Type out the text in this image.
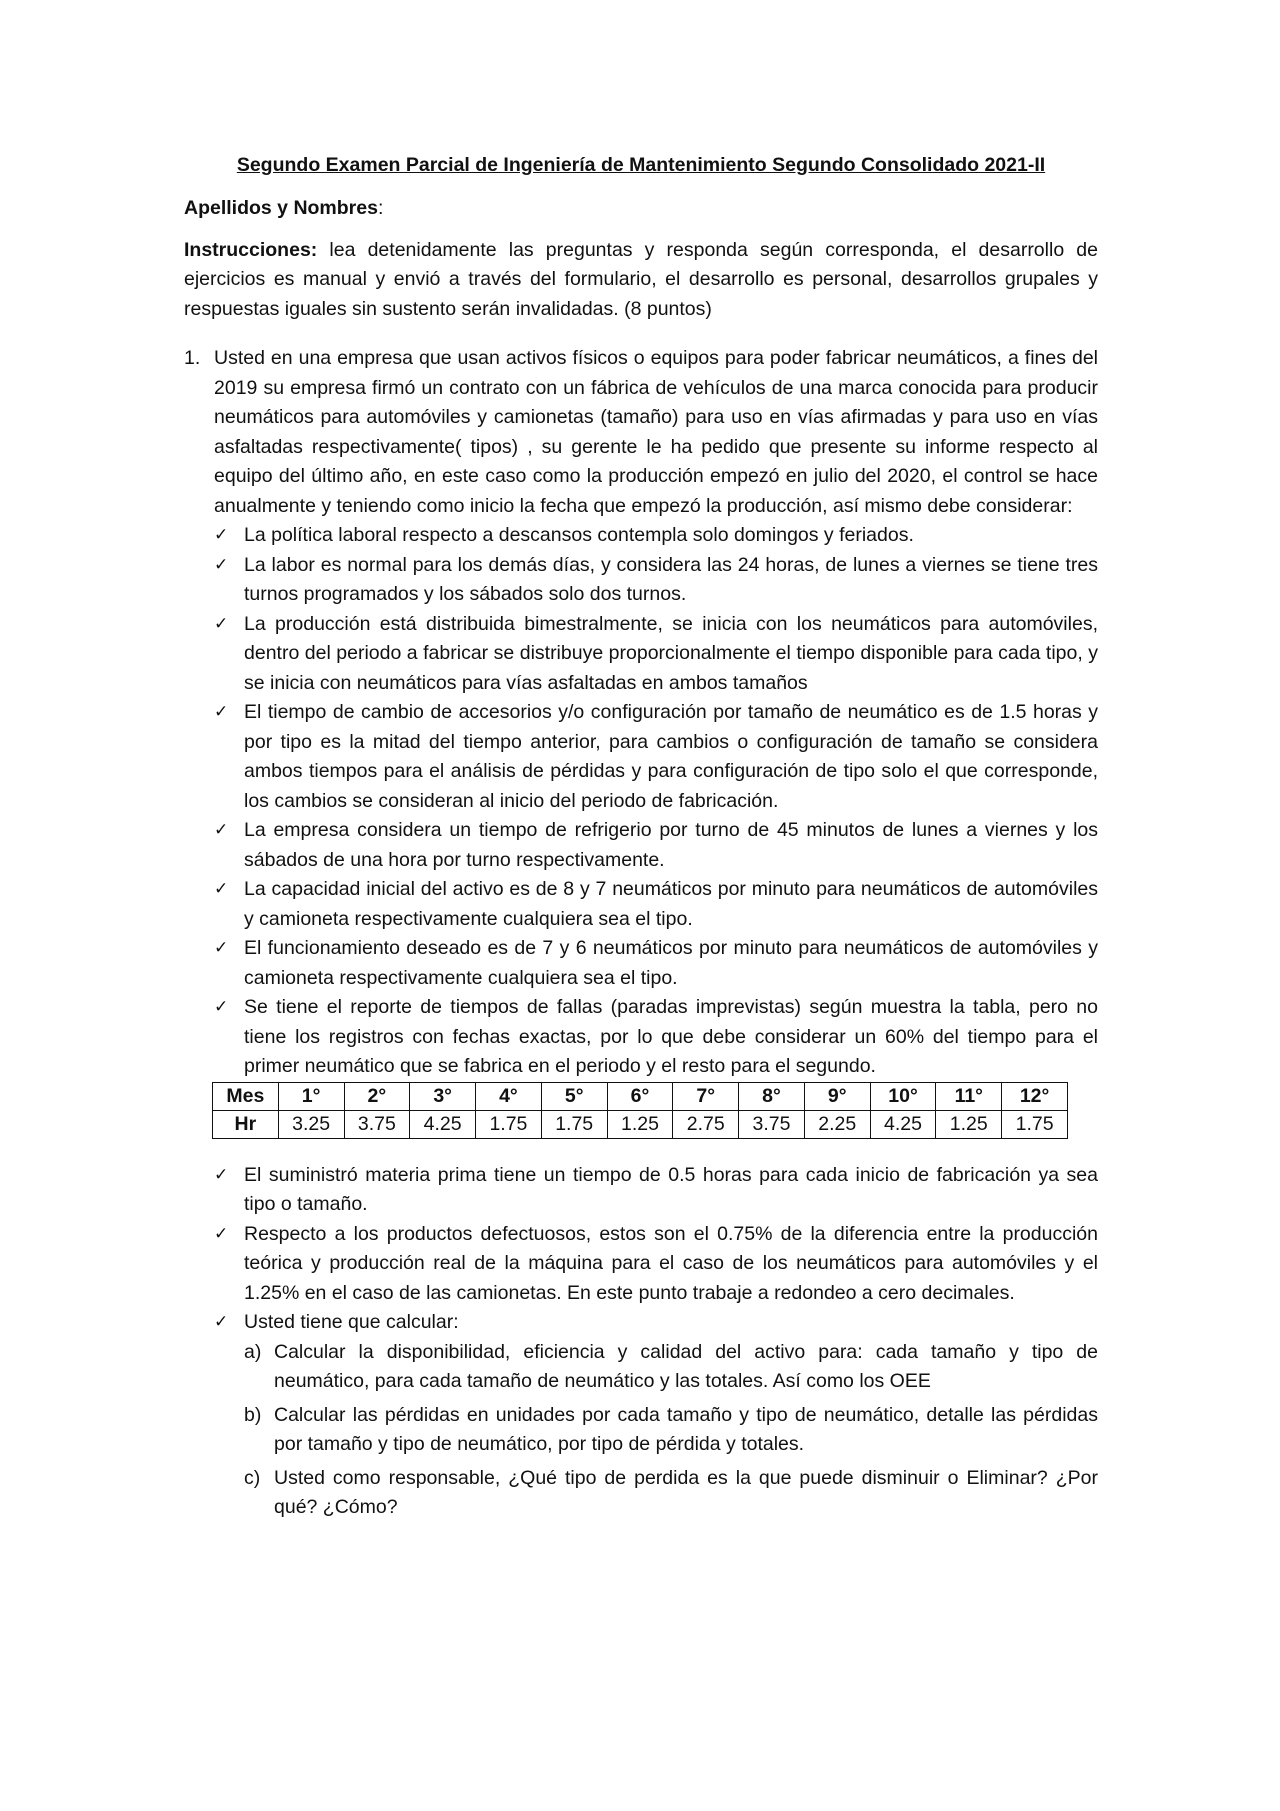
Segundo Examen Parcial de Ingeniería de Mantenimiento Segundo Consolidado 2021-II
Apellidos y Nombres:
Instrucciones: lea detenidamente las preguntas y responda según corresponda, el desarrollo de ejercicios es manual y envió a través del formulario, el desarrollo es personal, desarrollos grupales y respuestas iguales sin sustento serán invalidadas. (8 puntos)
1. Usted en una empresa que usan activos físicos o equipos para poder fabricar neumáticos, a fines del 2019 su empresa firmó un contrato con un fábrica de vehículos de una marca conocida para producir neumáticos para automóviles y camionetas (tamaño) para uso en vías afirmadas y para uso en vías asfaltadas respectivamente( tipos) , su gerente le ha pedido que presente su informe respecto al equipo del último año, en este caso como la producción empezó en julio del 2020, el control se hace anualmente y teniendo como inicio la fecha que empezó la producción, así mismo debe considerar:
✓ La política laboral respecto a descansos contempla solo domingos y feriados.
✓ La labor es normal para los demás días, y considera las 24 horas, de lunes a viernes se tiene tres turnos programados y los sábados solo dos turnos.
✓ La producción está distribuida bimestralmente, se inicia con los neumáticos para automóviles, dentro del periodo a fabricar se distribuye proporcionalmente el tiempo disponible para cada tipo, y se inicia con neumáticos para vías asfaltadas en ambos tamaños
✓ El tiempo de cambio de accesorios y/o configuración por tamaño de neumático es de 1.5 horas y por tipo es la mitad del tiempo anterior, para cambios o configuración de tamaño se considera ambos tiempos para el análisis de pérdidas y para configuración de tipo solo el que corresponde, los cambios se consideran al inicio del periodo de fabricación.
✓ La empresa considera un tiempo de refrigerio por turno de 45 minutos de lunes a viernes y los sábados de una hora por turno respectivamente.
✓ La capacidad inicial del activo es de 8 y 7 neumáticos por minuto para neumáticos de automóviles y camioneta respectivamente cualquiera sea el tipo.
✓ El funcionamiento deseado es de 7 y 6 neumáticos por minuto para neumáticos de automóviles y camioneta respectivamente cualquiera sea el tipo.
✓ Se tiene el reporte de tiempos de fallas (paradas imprevistas) según muestra la tabla, pero no tiene los registros con fechas exactas, por lo que debe considerar un 60% del tiempo para el primer neumático que se fabrica en el periodo y el resto para el segundo.
Mes	1°	2°	3°	4°	5°	6°	7°	8°	9°	10°	11°	12°
Hr	3.25	3.75	4.25	1.75	1.75	1.25	2.75	3.75	2.25	4.25	1.25	1.75
✓ El suministró materia prima tiene un tiempo de 0.5 horas para cada inicio de fabricación ya sea tipo o tamaño.
✓ Respecto a los productos defectuosos, estos son el 0.75% de la diferencia entre la producción teórica y producción real de la máquina para el caso de los neumáticos para automóviles y el 1.25% en el caso de las camionetas. En este punto trabaje a redondeo a cero decimales.
✓ Usted tiene que calcular:
a) Calcular la disponibilidad, eficiencia y calidad del activo para: cada tamaño y tipo de neumático, para cada tamaño de neumático y las totales. Así como los OEE
b) Calcular las pérdidas en unidades por cada tamaño y tipo de neumático, detalle las pérdidas por tamaño y tipo de neumático, por tipo de pérdida y totales.
c) Usted como responsable, ¿Qué tipo de perdida es la que puede disminuir o Eliminar? ¿Por qué? ¿Cómo?
